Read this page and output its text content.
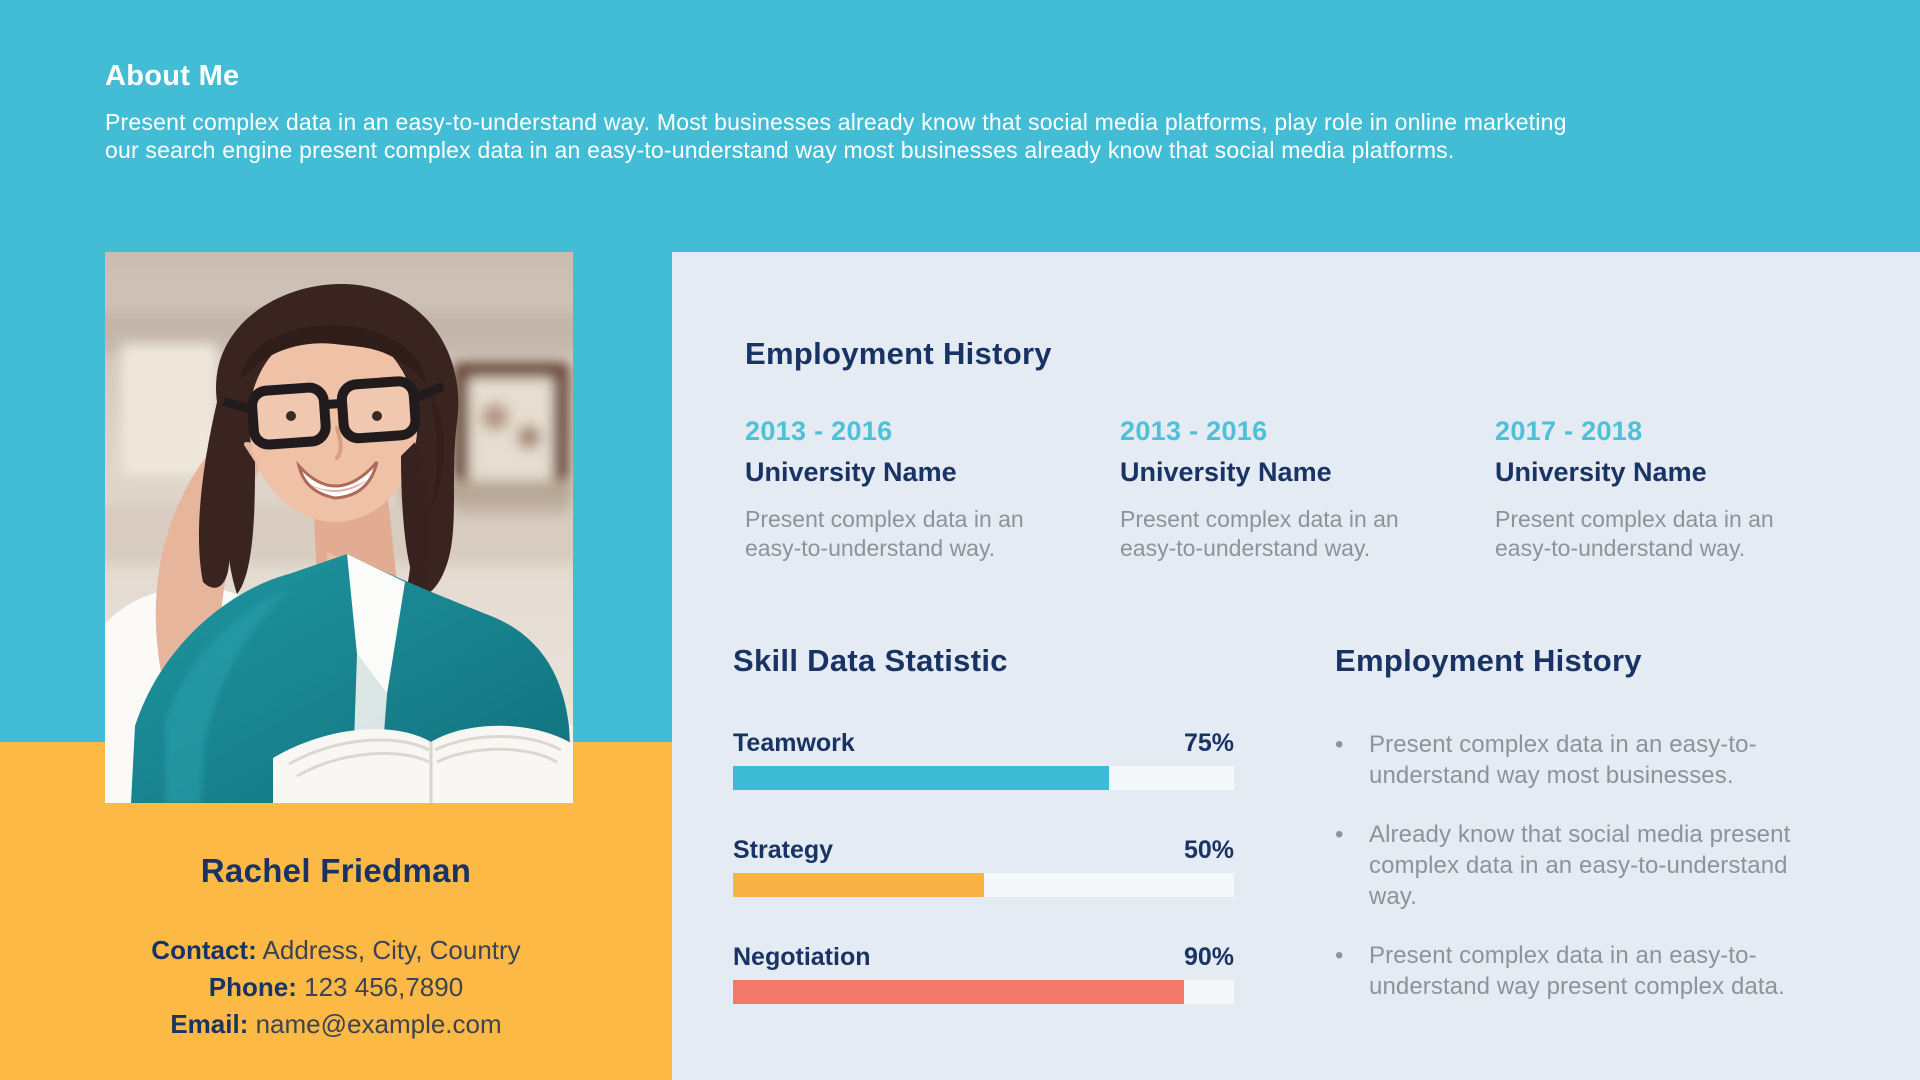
About Me
Present complex data in an easy-to-understand way. Most businesses already know that social media platforms, play role in online marketing
our search engine present complex data in an easy-to-understand way most businesses already know that social media platforms.
Rachel Friedman
Contact: Address, City, Country
Phone: 123 456,7890
Email: name@example.com
Employment History
2013 - 2016
University Name
Present complex data in an easy-to-understand way.
2013 - 2016
University Name
Present complex data in an easy-to-understand way.
2017 - 2018
University Name
Present complex data in an easy-to-understand way.
Skill Data Statistic
Teamwork	75%
Strategy	50%
Negotiation	90%
Employment History
•	Present complex data in an easy-to-understand way most businesses.
•	Already know that social media present complex data in an easy-to-understand way.
•	Present complex data in an easy-to-understand way present complex data.
